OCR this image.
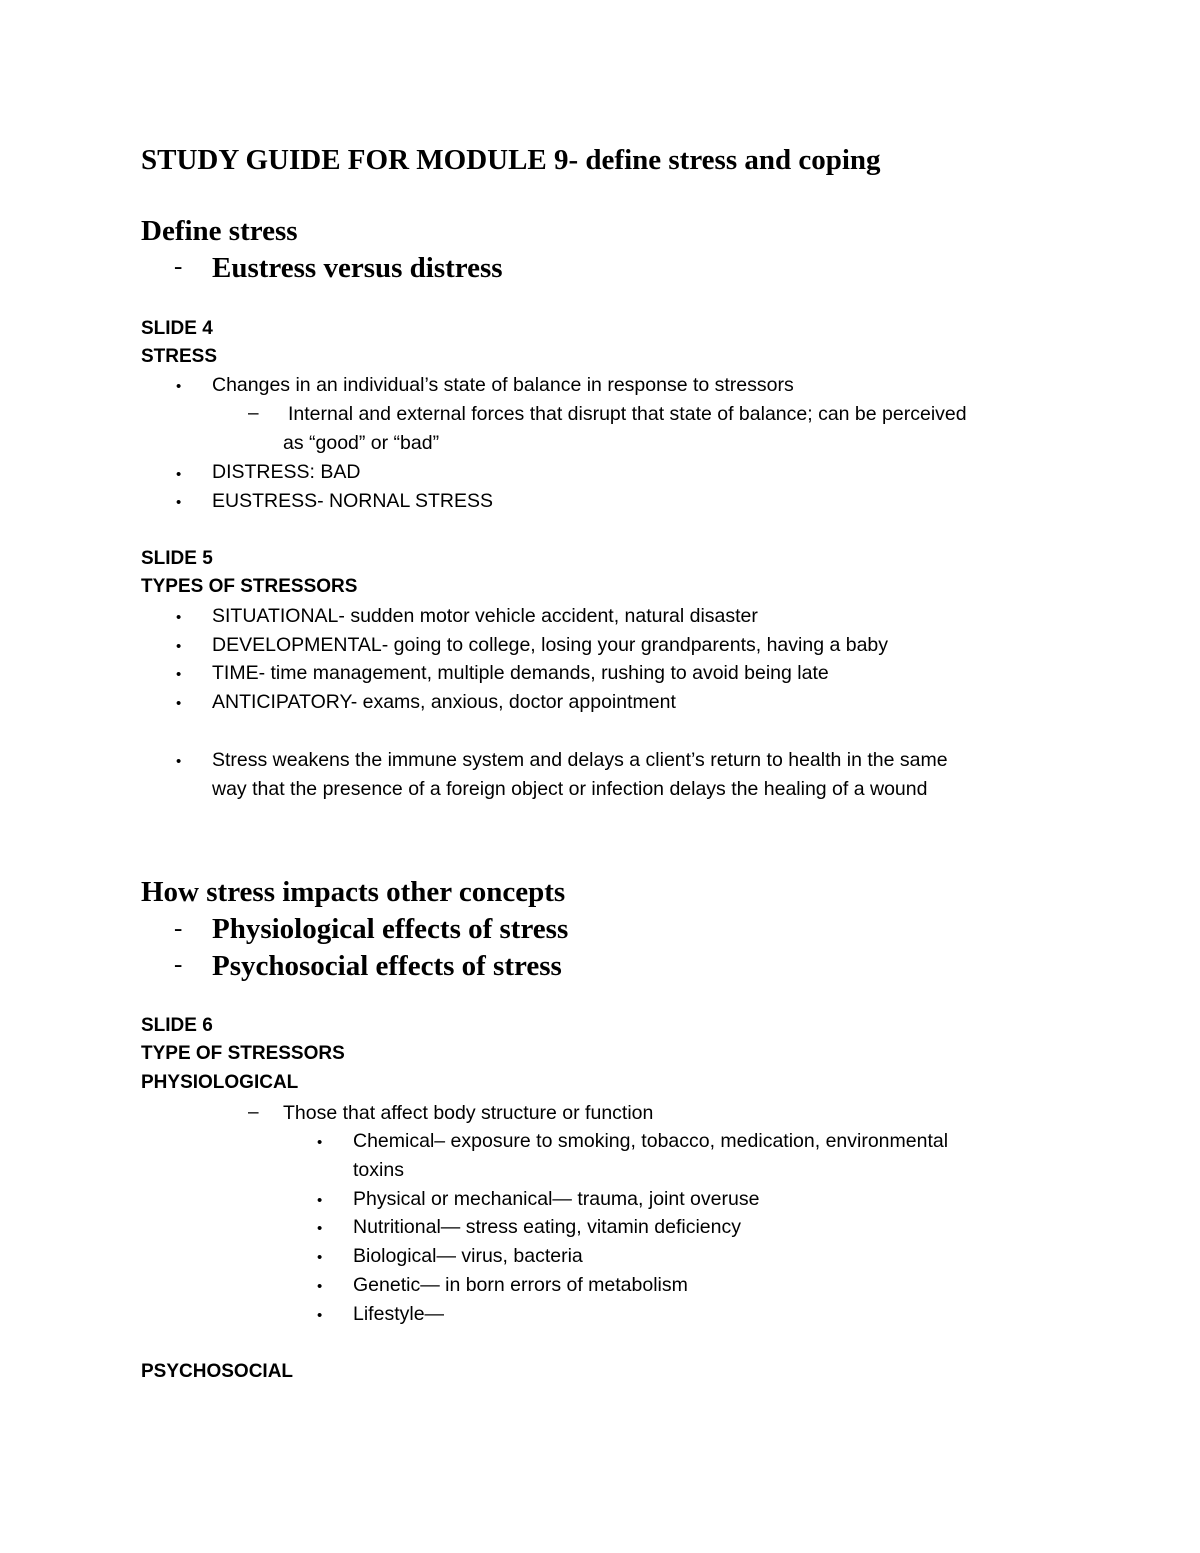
STUDY GUIDE FOR MODULE 9- define stress and coping
Define stress
- Eustress versus distress
SLIDE 4
STRESS
• Changes in an individual’s state of balance in response to stressors
– Internal and external forces that disrupt that state of balance; can be perceived
as “good” or “bad”
• DISTRESS: BAD
• EUSTRESS- NORNAL STRESS
SLIDE 5
TYPES OF STRESSORS
• SITUATIONAL- sudden motor vehicle accident, natural disaster
• DEVELOPMENTAL- going to college, losing your grandparents, having a baby
• TIME- time management, multiple demands, rushing to avoid being late
• ANTICIPATORY- exams, anxious, doctor appointment
• Stress weakens the immune system and delays a client’s return to health in the same
way that the presence of a foreign object or infection delays the healing of a wound
How stress impacts other concepts
- Physiological effects of stress
- Psychosocial effects of stress
SLIDE 6
TYPE OF STRESSORS
PHYSIOLOGICAL
– Those that affect body structure or function
• Chemical– exposure to smoking, tobacco, medication, environmental
toxins
• Physical or mechanical— trauma, joint overuse
• Nutritional— stress eating, vitamin deficiency
• Biological— virus, bacteria
• Genetic— in born errors of metabolism
• Lifestyle—
PSYCHOSOCIAL
